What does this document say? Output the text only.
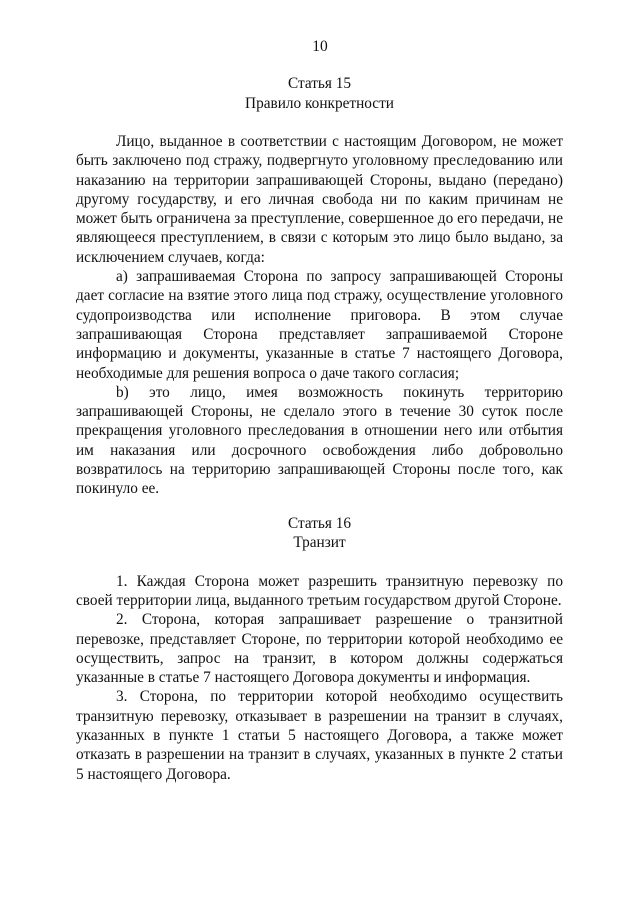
10
Статья 15
Правило конкретности

Лицо, выданное в соответствии с настоящим Договором, не может быть заключено под стражу, подвергнуто уголовному преследованию или наказанию на территории запрашивающей Стороны, выдано (передано) другому государству, и его личная свобода ни по каким причинам не может быть ограничена за преступление, совершенное до его передачи, не являющееся преступлением, в связи с которым это лицо было выдано, за исключением случаев, когда:

a) запрашиваемая Сторона по запросу запрашивающей Стороны дает согласие на взятие этого лица под стражу, осуществление уголовного судопроизводства или исполнение приговора. В этом случае запрашивающая Сторона представляет запрашиваемой Стороне информацию и документы, указанные в статье 7 настоящего Договора, необходимые для решения вопроса о даче такого согласия;

b) это лицо, имея возможность покинуть территорию запрашивающей Стороны, не сделало этого в течение 30 суток после прекращения уголовного преследования в отношении него или отбытия им наказания или досрочного освобождения либо добровольно возвратилось на территорию запрашивающей Стороны после того, как покинуло ее.

Статья 16
Транзит

1. Каждая Сторона может разрешить транзитную перевозку по своей территории лица, выданного третьим государством другой Стороне.

2. Сторона, которая запрашивает разрешение о транзитной перевозке, представляет Стороне, по территории которой необходимо ее осуществить, запрос на транзит, в котором должны содержаться указанные в статье 7 настоящего Договора документы и информация.

3. Сторона, по территории которой необходимо осуществить транзитную перевозку, отказывает в разрешении на транзит в случаях, указанных в пункте 1 статьи 5 настоящего Договора, а также может отказать в разрешении на транзит в случаях, указанных в пункте 2 статьи 5 настоящего Договора.
